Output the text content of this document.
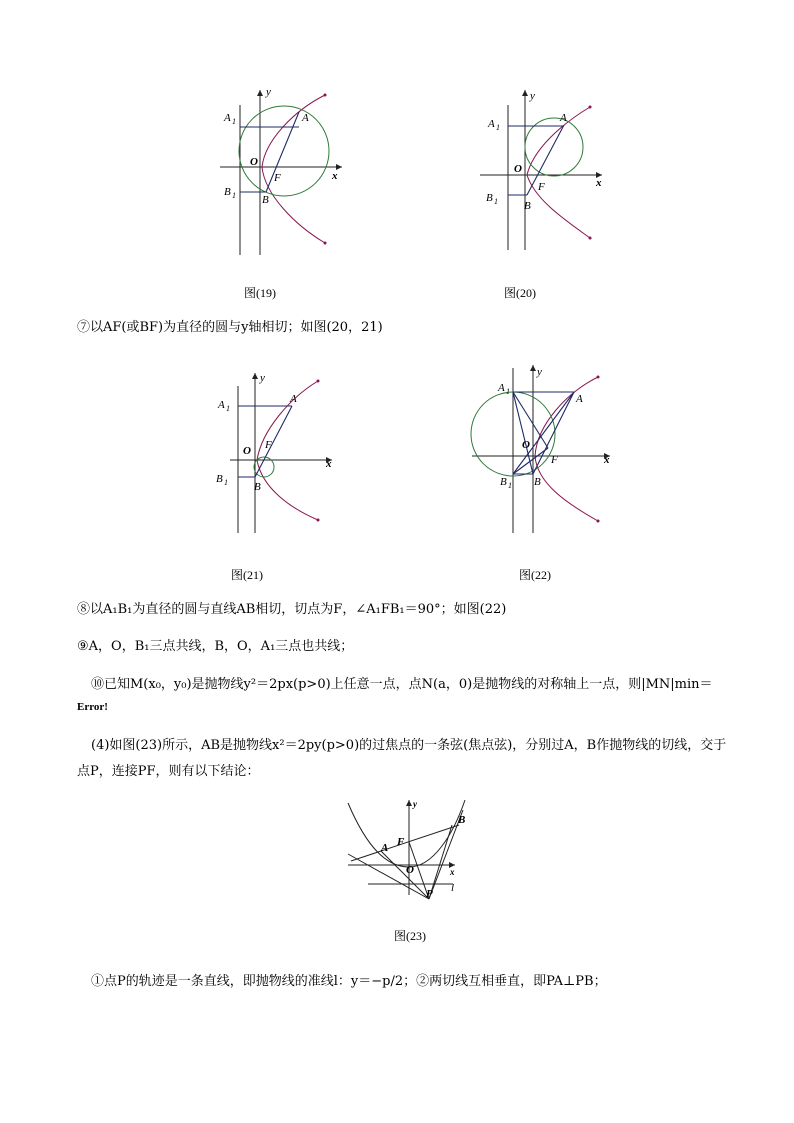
A
B
A 1
B 1
O
F	x
y
图(19)
A
B
A 1
B 1
O
F	x
y
图(20)
⑦以AF(或BF)为直径的圆与y轴相切；如图(20，21)
A
B
A 1
B 1
O F
x
y
图(21)
A
B
A 1
B 1
O
F	x
y
图(22)
⑧以A₁B₁为直径的圆与直线AB相切，切点为F，∠A₁FB₁＝90°；如图(22)
⑨A，O，B₁三点共线，B，O，A₁三点也共线；
⑩已知M(x₀，y₀)是抛物线y²＝2px(p>0)上任意一点，点N(a，0)是抛物线的对称轴上一点，则|MN|min＝
Error!
(4)如图(23)所示，AB是抛物线x²＝2py(p>0)的过焦点的一条弦(焦点弦)，分别过A，B作抛物线的切线，交于点P，连接PF，则有以下结论：
A
B
F
O
P l
x
y
图(23)
①点P的轨迹是一条直线，即抛物线的准线l：y＝−p/2；②两切线互相垂直，即PA⊥PB；
